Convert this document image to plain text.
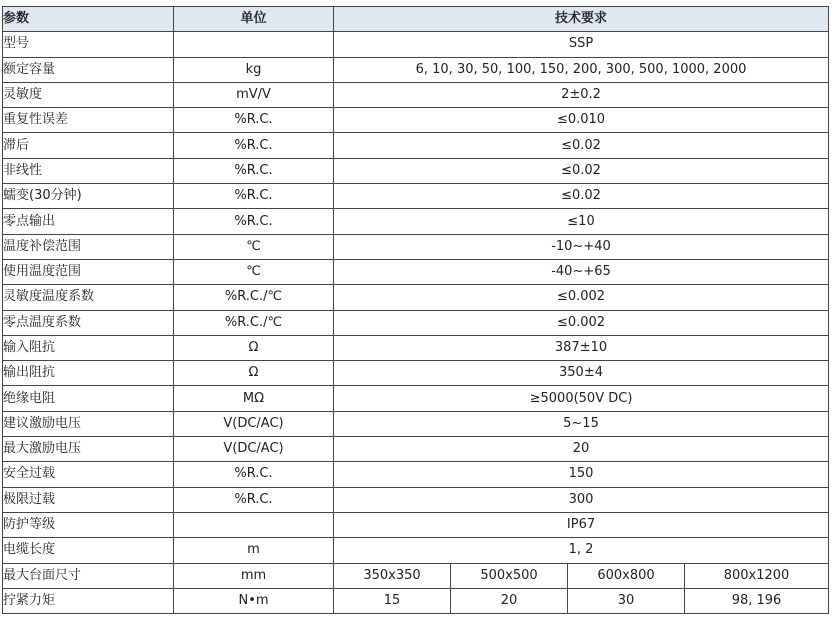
参数	单位	技术要求			
型号		SSP			
额定容量	kg	6, 10, 30, 50, 100, 150, 200, 300, 500, 1000, 2000			
灵敏度	mV/V	2±0.2			
重复性误差	%R.C.	≤0.010			
滞后	%R.C.	≤0.02			
非线性	%R.C.	≤0.02			
蠕变(30分钟)	%R.C.	≤0.02			
零点输出	%R.C.	≤10			
温度补偿范围	℃	-10~+40			
使用温度范围	℃	-40~+65			
灵敏度温度系数	%R.C./℃	≤0.002			
零点温度系数	%R.C./℃	≤0.002			
输入阻抗	Ω	387±10			
输出阻抗	Ω	350±4			
绝缘电阻	MΩ	≥5000(50V DC)			
建议激励电压	V(DC/AC)	5~15			
最大激励电压	V(DC/AC)	20			
安全过载	%R.C.	150			
极限过载	%R.C.	300			
防护等级		IP67			
电缆长度	m	1, 2			
最大台面尺寸	mm	350x350	500x500	600x800	800x1200
拧紧力矩	N•m	15	20	30	98, 196
